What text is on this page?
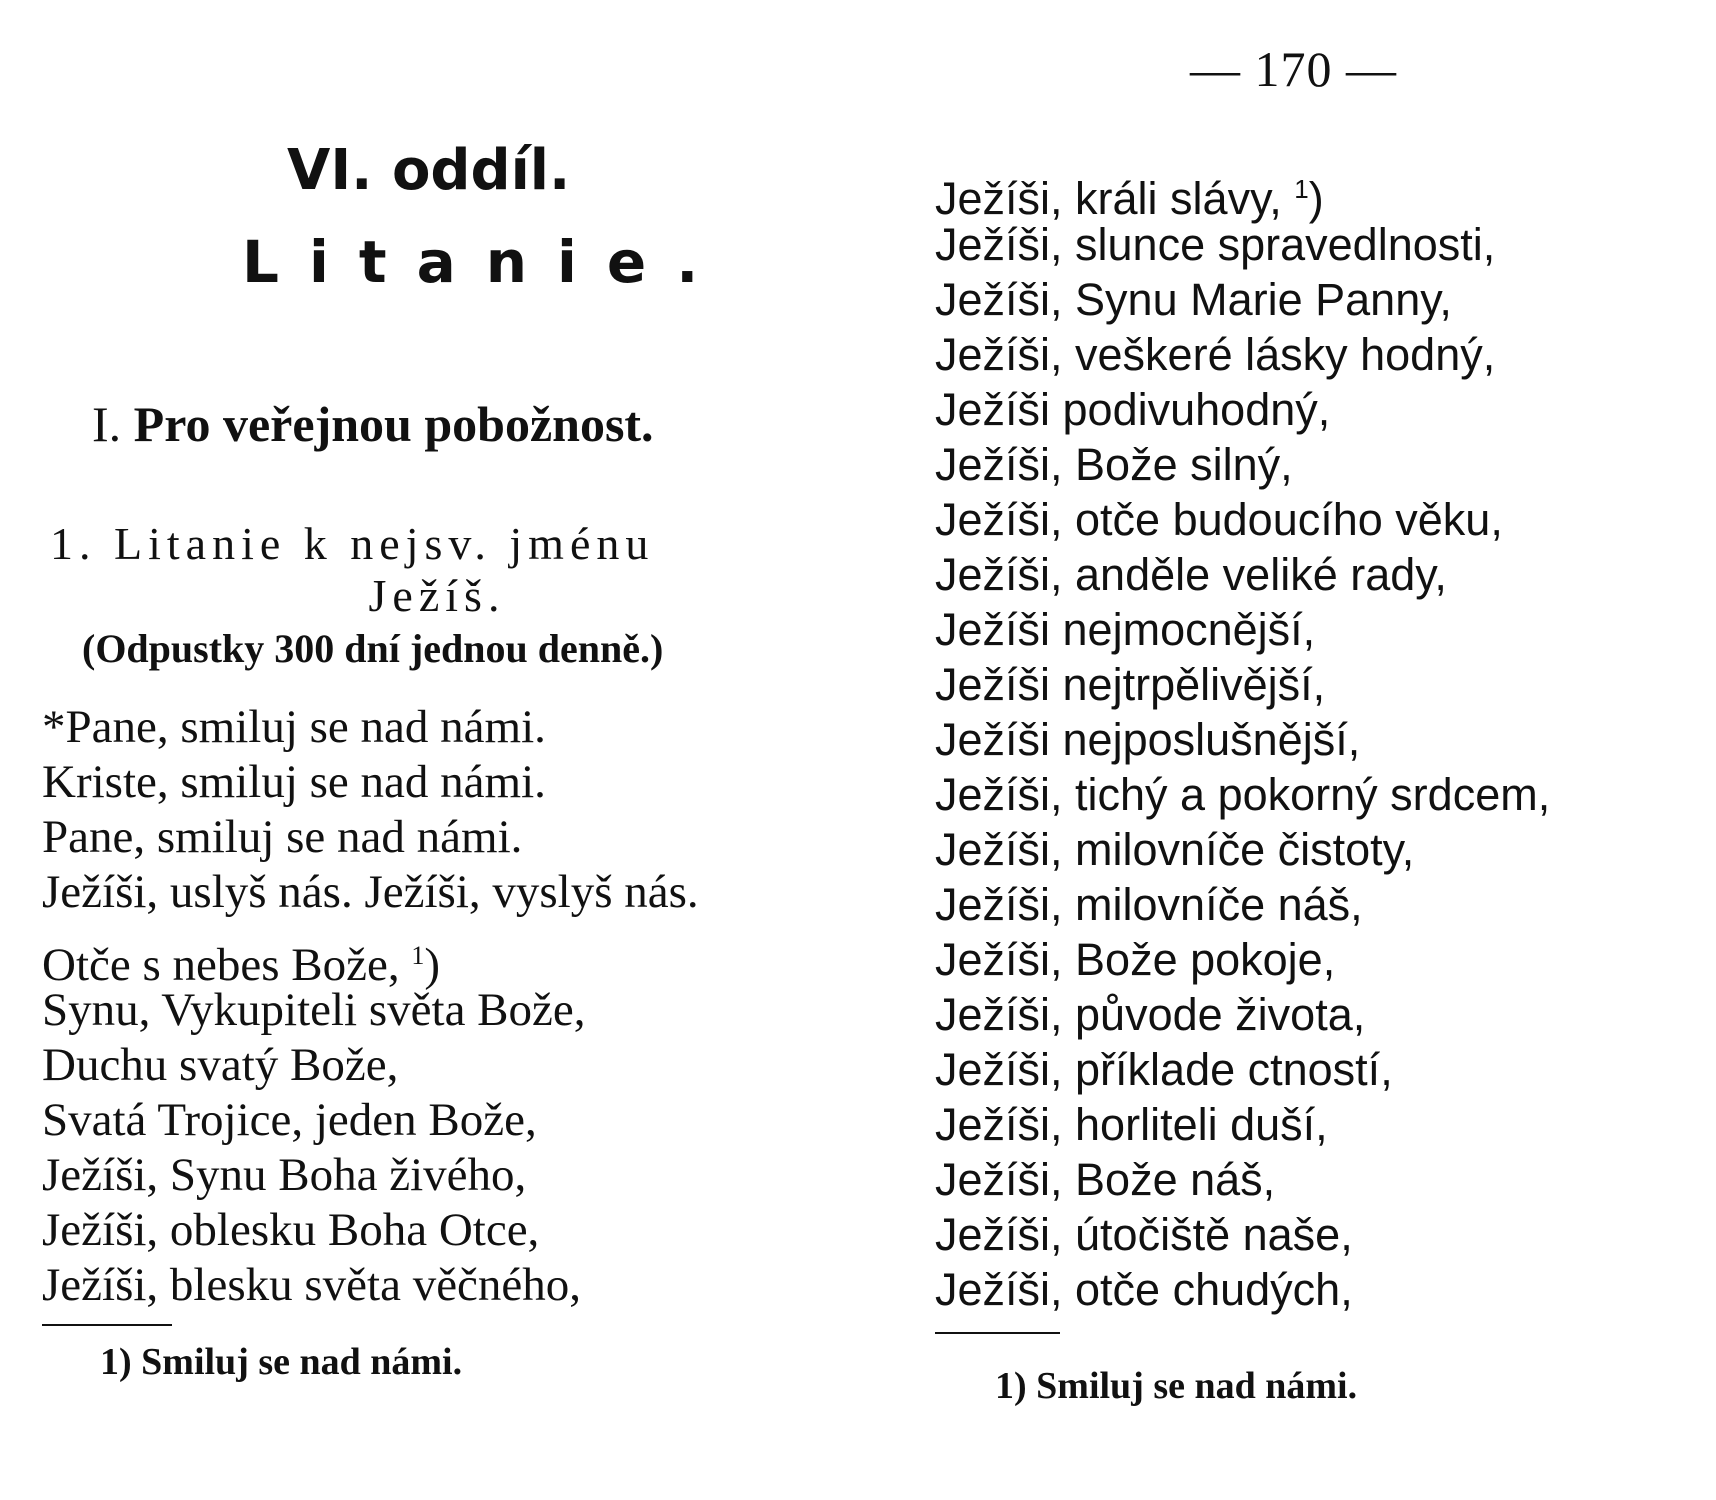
— 170 —
VI. oddíl.
Litanie.
I. Pro veřejnou pobožnost.
1. Litanie k nejsv. jménu
Ježíš.
(Odpustky 300 dní jednou denně.)
*Pane, smiluj se nad námi.
Kriste, smiluj se nad námi.
Pane, smiluj se nad námi.
Ježíši, uslyš nás. Ježíši, vyslyš nás.
Otče s nebes Bože, $^1$)
Synu, Vykupiteli světa Bože,
Duchu svatý Bože,
Svatá Trojice, jeden Bože,
Ježíši, Synu Boha živého,
Ježíši, oblesku Boha Otce,
Ježíši, blesku světa věčného,
1) Smiluj se nad námi.
Ježíši, králi slávy, $^1$)
Ježíši, slunce spravedlnosti,
Ježíši, Synu Marie Panny,
Ježíši, veškeré lásky hodný,
Ježíši podivuhodný,
Ježíši, Bože silný,
Ježíši, otče budoucího věku,
Ježíši, anděle veliké rady,
Ježíši nejmocnější,
Ježíši nejtrpělivější,
Ježíši nejposlušnější,
Ježíši, tichý a pokorný srdcem,
Ježíši, milovníče čistoty,
Ježíši, milovníče náš,
Ježíši, Bože pokoje,
Ježíši, původe života,
Ježíši, příklade ctností,
Ježíši, horliteli duší,
Ježíši, Bože náš,
Ježíši, útočiště naše,
Ježíši, otče chudých,
1) Smiluj se nad námi.
